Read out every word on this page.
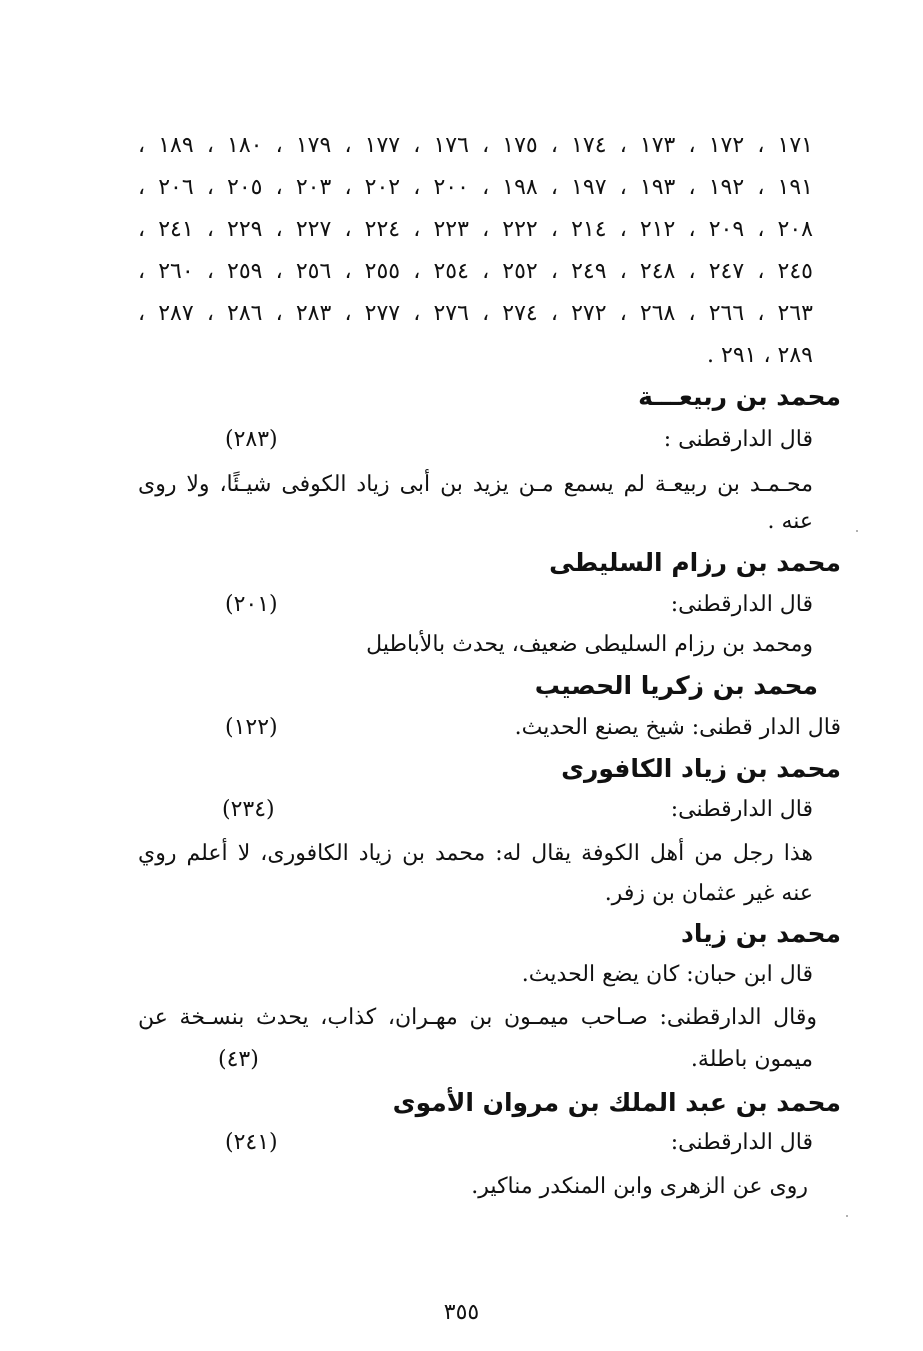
١٧١ ، ١٧٢ ، ١٧٣ ، ١٧٤ ، ١٧٥ ، ١٧٦ ، ١٧٧ ، ١٧٩ ، ١٨٠ ، ١٨٩ ،
١٩١ ، ١٩٢ ، ١٩٣ ، ١٩٧ ، ١٩٨ ، ٢٠٠ ، ٢٠٢ ، ٢٠٣ ، ٢٠٥ ، ٢٠٦ ،
٢٠٨ ، ٢٠٩ ، ٢١٢ ، ٢١٤ ، ٢٢٢ ، ٢٢٣ ، ٢٢٤ ، ٢٢٧ ، ٢٢٩ ، ٢٤١ ،
٢٤٥ ، ٢٤٧ ، ٢٤٨ ، ٢٤٩ ، ٢٥٢ ، ٢٥٤ ، ٢٥٥ ، ٢٥٦ ، ٢٥٩ ، ٢٦٠ ،
٢٦٣ ، ٢٦٦ ، ٢٦٨ ، ٢٧٢ ، ٢٧٤ ، ٢٧٦ ، ٢٧٧ ، ٢٨٣ ، ٢٨٦ ، ٢٨٧ ،
٢٨٩ ، ٢٩١ .
محمد بن ربيعـــة
قال الدارقطنى :
(٢٨٣)
محـمـد بن ربيعـة لم يسمع مـن يزيد بن أبى زياد الكوفى شيـئًا، ولا روى
عنه .
محمد بن رزام السليطى
قال الدارقطنى:
(٢٠١)
ومحمد بن رزام السليطى ضعيف، يحدث بالأباطيل
محمد بن زكريا الحصيب
قال الدار قطنى: شيخ يصنع الحديث.
(١٢٢)
محمد بن زياد الكافورى
قال الدارقطنى:
(٢٣٤)
هذا رجل من أهل الكوفة يقال له: محمد بن زياد الكافورى، لا أعلم روي
عنه غير عثمان بن زفر.
محمد بن زياد
قال ابن حبان: كان يضع الحديث.
وقال الدارقطنى: صـاحب ميمـون بن مهـران، كذاب، يحدث بنسـخة عن
ميمون باطلة.
(٤٣)
محمد بن عبد الملك بن مروان الأموى
قال الدارقطنى:
(٢٤١)
روى عن الزهرى وابن المنكدر مناكير.
٣٥٥
